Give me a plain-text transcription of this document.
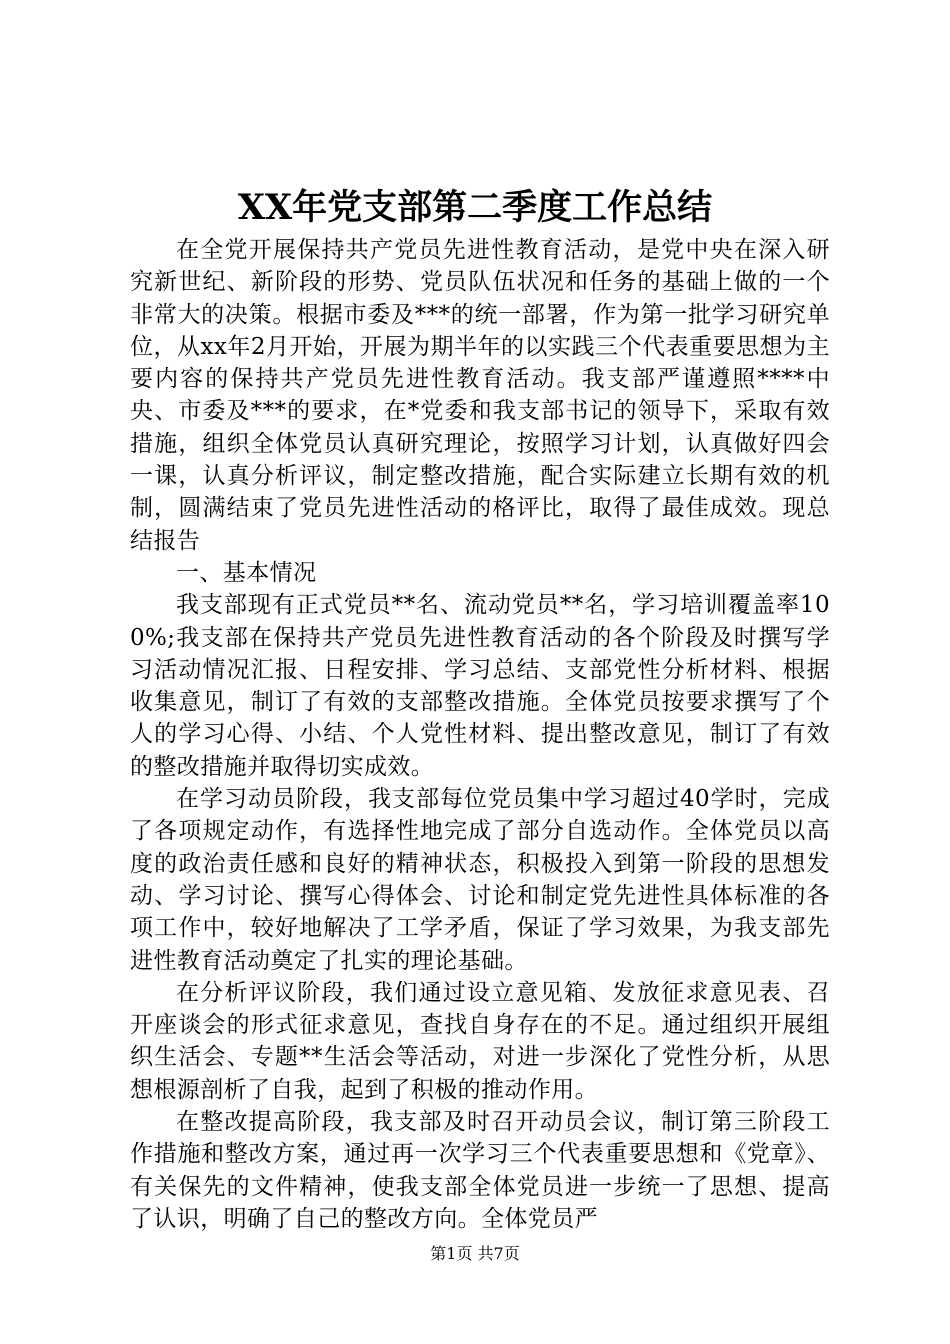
XX年党支部第二季度工作总结

在全党开展保持共产党员先进性教育活动，是党中央在深入研究新世纪、新阶段的形势、党员队伍状况和任务的基础上做的一个非常大的决策。根据市委及***的统一部署，作为第一批学习研究单位，从xx年2月开始，开展为期半年的以实践三个代表重要思想为主要内容的保持共产党员先进性教育活动。我支部严谨遵照****中央、市委及***的要求，在*党委和我支部书记的领导下，采取有效措施，组织全体党员认真研究理论，按照学习计划，认真做好四会一课，认真分析评议，制定整改措施，配合实际建立长期有效的机制，圆满结束了党员先进性活动的格评比，取得了最佳成效。现总结报告

一、基本情况

我支部现有正式党员**名、流动党员**名，学习培训覆盖率100%;我支部在保持共产党员先进性教育活动的各个阶段及时撰写学习活动情况汇报、日程安排、学习总结、支部党性分析材料、根据收集意见，制订了有效的支部整改措施。全体党员按要求撰写了个人的学习心得、小结、个人党性材料、提出整改意见，制订了有效的整改措施并取得切实成效。

在学习动员阶段，我支部每位党员集中学习超过40学时，完成了各项规定动作，有选择性地完成了部分自选动作。全体党员以高度的政治责任感和良好的精神状态，积极投入到第一阶段的思想发动、学习讨论、撰写心得体会、讨论和制定党先进性具体标准的各项工作中，较好地解决了工学矛盾，保证了学习效果，为我支部先进性教育活动奠定了扎实的理论基础。

在分析评议阶段，我们通过设立意见箱、发放征求意见表、召开座谈会的形式征求意见，查找自身存在的不足。通过组织开展组织生活会、专题**生活会等活动，对进一步深化了党性分析，从思想根源剖析了自我，起到了积极的推动作用。

在整改提高阶段，我支部及时召开动员会议，制订第三阶段工作措施和整改方案，通过再一次学习三个代表重要思想和《党章》、有关保先的文件精神，使我支部全体党员进一步统一了思想、提高了认识，明确了自己的整改方向。全体党员严

第1页 共7页
